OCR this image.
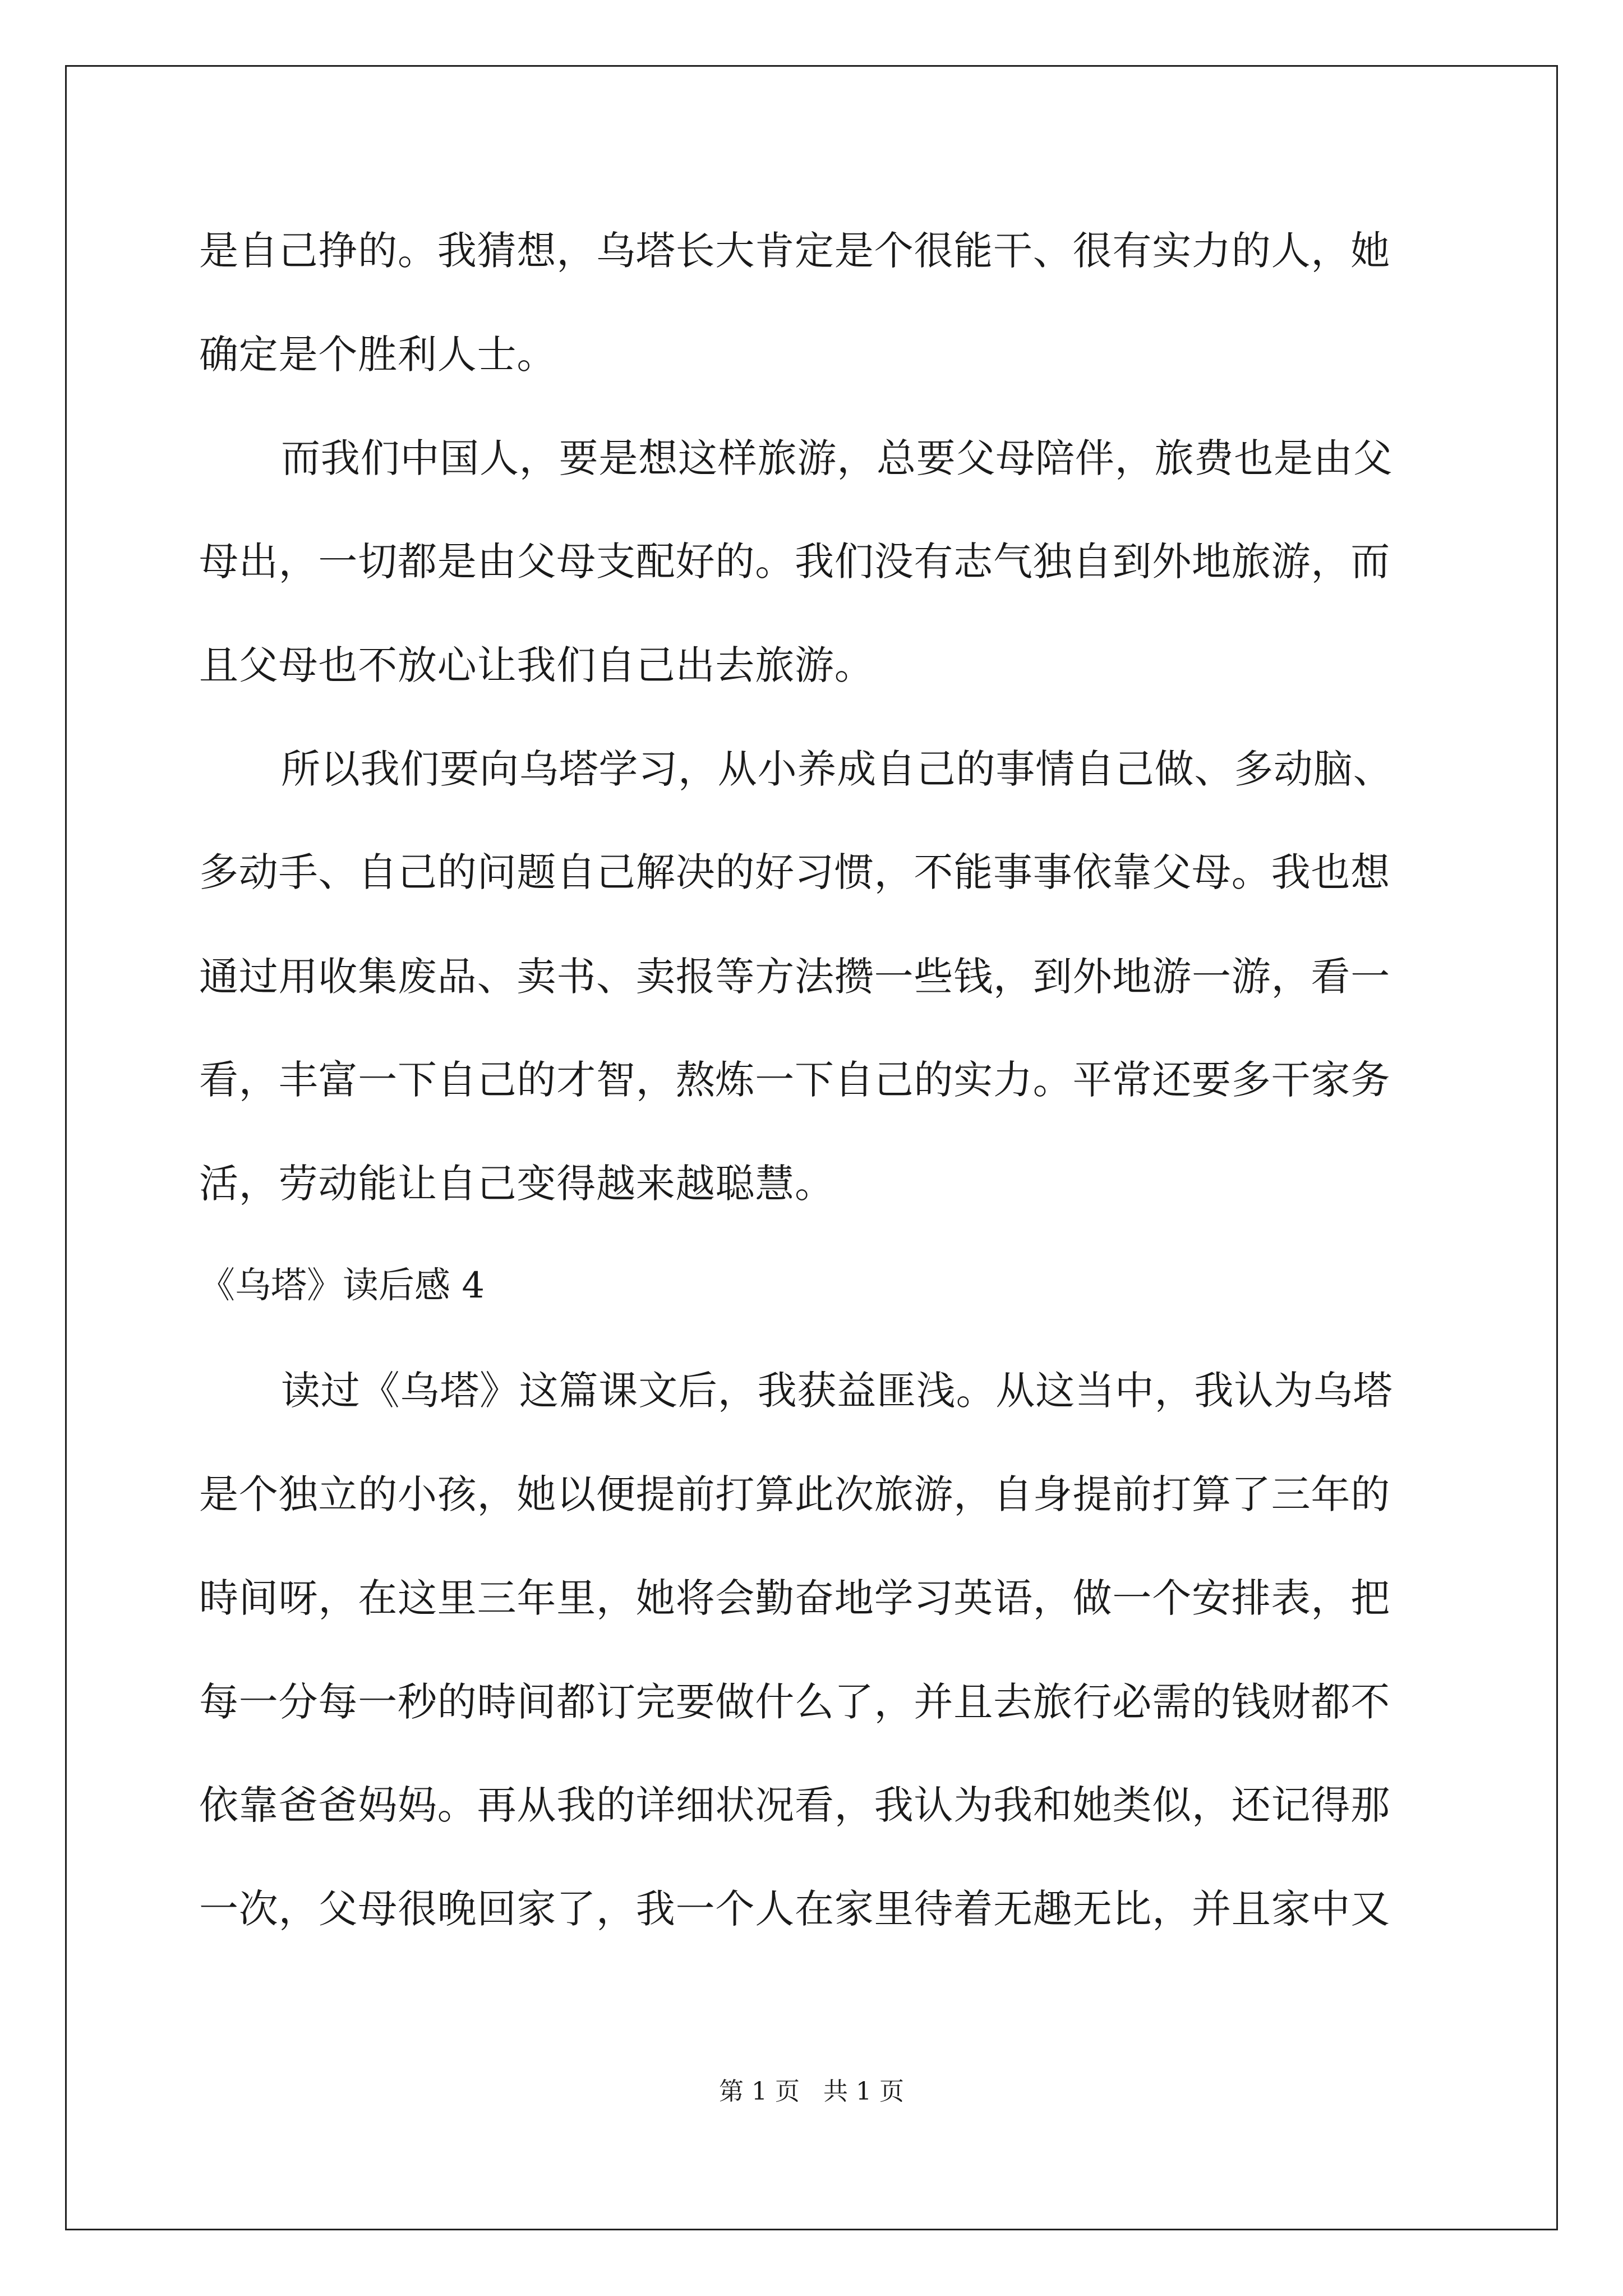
是自己挣的。我猜想，乌塔长大肯定是个很能干、很有实力的人，她
确定是个胜利人士。
而我们中国人，要是想这样旅游，总要父母陪伴，旅费也是由父
母出，一切都是由父母支配好的。我们没有志气独自到外地旅游，而
且父母也不放心让我们自己出去旅游。
所以我们要向乌塔学习，从小养成自己的事情自己做、多动脑、
多动手、自己的问题自己解决的好习惯，不能事事依靠父母。我也想
通过用收集废品、卖书、卖报等方法攒一些钱，到外地游一游，看一
看，丰富一下自己的才智，熬炼一下自己的实力。平常还要多干家务
活，劳动能让自己变得越来越聪慧。
《乌塔》读后感 4
读过《乌塔》这篇课文后，我获益匪浅。从这当中，我认为乌塔
是个独立的小孩，她以便提前打算此次旅游，自身提前打算了三年的
時间呀，在这里三年里，她将会勤奋地学习英语，做一个安排表，把
每一分每一秒的時间都订完要做什么了，并且去旅行必需的钱财都不
依靠爸爸妈妈。再从我的详细状况看，我认为我和她类似，还记得那
一次，父母很晚回家了，我一个人在家里待着无趣无比，并且家中又
第 1 页 共 1 页
